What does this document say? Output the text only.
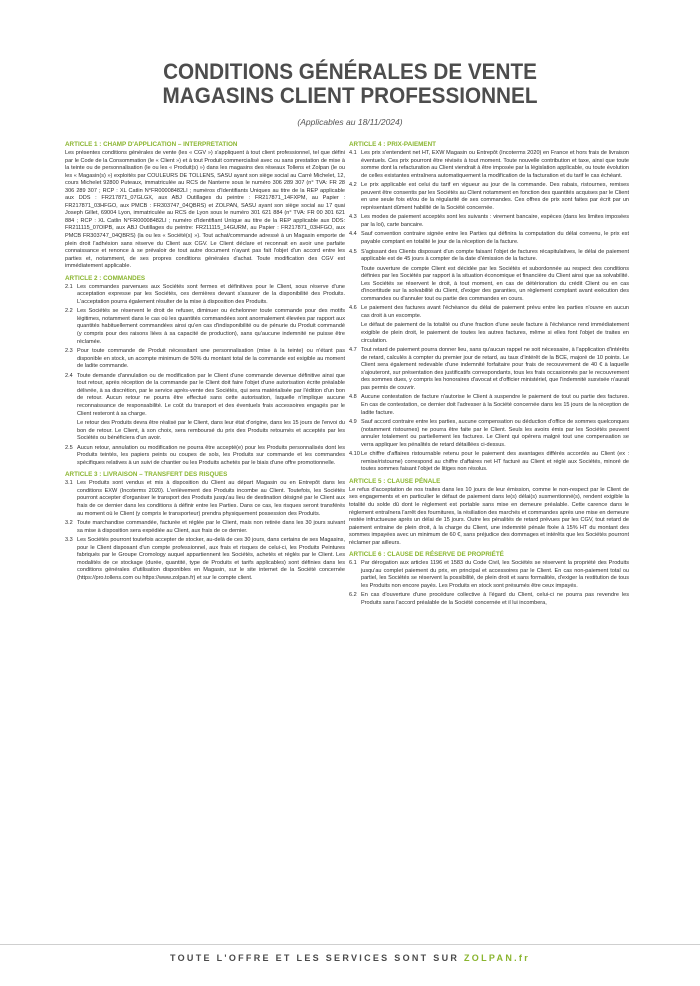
CONDITIONS GÉNÉRALES DE VENTE
MAGASINS CLIENT PROFESSIONNEL
(Applicables au 18/11/2024)
ARTICLE 1 : CHAMP D'APPLICATION – INTERPRÉTATION

Les présentes conditions générales de vente (les « CGV ») s'appliquent à tout client professionnel, tel que défini par le Code de la Consommation (le « Client ») et à tout Produit commercialisé avec ou sans prestation de mise à la teinte ou de personnalisation (le ou les « Produit(s) ») dans les magasins des réseaux Tollens et Zolpan (le ou les « Magasin(s) ») exploités par COULEURS DE TOLLENS, SASU ayant son siège social au Carré Michelet, 12, cours Michelet 92800 Puteaux, immatriculée au RCS de Nanterre sous le numéro 306 289 307 (n° TVA: FR 28 306 289 307 ; RCP : XL Catlin N°FR00008482LI ; numéros d'Identifiants Uniques au titre de la REP applicable aux DDS : FR217871_07GLGX, aux ABJ Outillages du peintre : FR217871_14FXPM, au Papier : FR217871_03HFGO, aux PMCB : FR303747_04QBRS) et ZOLPAN, SASU ayant son siège social au 17 quai Joseph Gillet, 69004 Lyon, immatriculée au RCS de Lyon sous le numéro 301 621 884 (n° TVA: FR 00 301 621 884 ; RCP : XL Catlin N°FR00008482LI ; numéro d'Identifiant Unique au titre de la REP applicable aux DDS: FR211115_07OIPB, aux ABJ Outillages du peintre: FR211115_14GURM, au Papier : FR217871_03HFGO, aux PMCB FR303747_04QBRS) (la ou les « Société(s) »). Tout achat/commande adressé à un Magasin emporte de plein droit l'adhésion sans réserve du Client aux CGV. Le Client déclare et reconnait en avoir une parfaite connaissance et renonce à se prévaloir de tout autre document n'ayant pas fait l'objet d'un accord entre les parties et, notamment, de ses propres conditions générales d'achat. Toute modification des CGV est immédiatement applicable.

ARTICLE 2 : COMMANDES
2.1 Les commandes parvenues aux Sociétés sont fermes et définitives pour le Client, sous réserve d'une acceptation expresse par les Sociétés, ces dernières devant s'assurer de la disponibilité des Produits. L'acceptation pourra également résulter de la mise à disposition des Produits.
2.2 Les Sociétés se réservent le droit de refuser, diminuer ou échelonner toute commande pour des motifs légitimes, notamment dans le cas où les quantités commandées sont anormalement élevées par rapport aux quantités habituellement commandées ainsi qu'en cas d'indisponibilité ou de pénurie du Produit commandé (y compris pour des raisons liées à sa capacité de production), sans qu'aucune indemnité ne puisse être réclamée.
2.3 Pour toute commande de Produit nécessitant une personnalisation (mise à la teinte) ou n'étant pas disponible en stock, un acompte minimum de 50% du montant total de la commande est exigible au moment de ladite commande.
2.4 Toute demande d'annulation ou de modification par le Client d'une commande devenue définitive ainsi que tout retour, après réception de la commande par le Client doit faire l'objet d'une autorisation écrite préalable délivrée, à sa discrétion, par le service après-vente des Sociétés, qui sera matérialisée par l'édition d'un bon de retour. Aucun retour ne pourra être effectué sans cette autorisation, laquelle n'implique aucune reconnaissance de responsabilité. Le coût du transport et des éventuels frais accessoires engagés par le Client resteront à sa charge.
Le retour des Produits devra être réalisé par le Client, dans leur état d'origine, dans les 15 jours de l'envoi du bon de retour. Le Client, à son choix, sera remboursé du prix des Produits retournés et acceptés par les Sociétés ou bénéficiera d'un avoir.
2.5 Aucun retour, annulation ou modification ne pourra être accepté(e) pour les Produits personnalisés dont les Produits teintés, les papiers peints ou coupes de sols, les Produits sur commande et les commandes spécifiques relatives à un suivi de chantier ou les Produits achetés par le biais d'une offre promotionnelle.
ARTICLE 3 : LIVRAISON – TRANSFERT DES RISQUES
3.1 Les Produits sont vendus et mis à disposition du Client au départ Magasin ou en Entrepôt dans les conditions EXW (Incoterms 2020). L'enlèvement des Produits incombe au Client. Toutefois, les Sociétés pourront accepter d'organiser le transport des Produits jusqu'au lieu de destination désigné par le Client aux frais de ce dernier dans les conditions à définir entre les Parties. Dans ce cas, les risques seront transférés au moment où le Client (y compris le transporteur) prendra physiquement possession des Produits.
3.2 Toute marchandise commandée, facturée et réglée par le Client, mais non retirée dans les 30 jours suivant sa mise à disposition sera expédiée au Client, aux frais de ce dernier.
3.3 Les Sociétés pourront toutefois accepter de stocker, au-delà de ces 30 jours, dans certains de ses Magasins, pour le Client disposant d'un compte professionnel, aux frais et risques de celui-ci, les Produits Peintures fabriqués par le Groupe Cromology auquel appartiennent les Sociétés, achetés et réglés par le Client. Les modalités de ce stockage (durée, quantité, type de Produits et tarifs applicables) sont définies dans les conditions générales d'utilisation disponibles en Magasin, sur le site internet de la Société concernée (https://pro.tollens.com ou https://www.zolpan.fr) et sur le compte client.
ARTICLE 4 : PRIX-PAIEMENT
4.1 Les prix s'entendent net HT, EXW Magasin ou Entrepôt (Incoterms 2020) en France et hors frais de livraison éventuels. Ces prix pourront être révisés à tout moment. Toute nouvelle contribution et taxe, ainsi que toute somme dont la refacturation au Client viendrait à être imposée par la législation applicable, ou toute évolution de celles existantes entraînera automatiquement la modification de la facturation et du tarif le cas échéant.
4.2 Le prix applicable est celui du tarif en vigueur au jour de la commande. Des rabais, ristournes, remises peuvent être consentis par les Sociétés au Client notamment en fonction des quantités acquises par le Client en une seule fois et/ou de la régularité de ses commandes. Ces offres de prix sont faites par écrit par un représentant dûment habilité de la Société concernée.
4.3 Les modes de paiement acceptés sont les suivants : virement bancaire, espèces (dans les limites imposées par la loi), carte bancaire.
4.4 Sauf convention contraire signée entre les Parties qui définira la computation du délai convenu, le prix est payable comptant en totalité le jour de la réception de la facture.
4.5 S'agissant des Clients disposant d'un compte faisant l'objet de factures récapitulatives, le délai de paiement applicable est de 45 jours à compter de la date d'émission de la facture.
Toute ouverture de compte Client est décidée par les Sociétés et subordonnée au respect des conditions définies par les Sociétés par rapport à la situation économique et financière du Client ainsi que sa solvabilité. Les Sociétés se réservent le droit, à tout moment, en cas de détérioration du crédit Client ou en cas d'incertitude sur la solvabilité du Client, d'exiger des garanties, un règlement comptant avant exécution des commandes ou d'annuler tout ou partie des commandes en cours.
4.6 Le paiement des factures avant l'échéance du délai de paiement prévu entre les parties n'ouvre en aucun cas droit à un escompte.
Le défaut de paiement de la totalité ou d'une fraction d'une seule facture à l'échéance rend immédiatement exigible de plein droit, le paiement de toutes les autres factures, même si elles font l'objet de traites en circulation.
4.7 Tout retard de paiement pourra donner lieu, sans qu'aucun rappel ne soit nécessaire, à l'application d'intérêts de retard, calculés à compter du premier jour de retard, au taux d'intérêt de la BCE, majoré de 10 points. Le Client sera également redevable d'une indemnité forfaitaire pour frais de recouvrement de 40 € à laquelle s'ajouteront, sur présentation des justificatifs correspondants, tous les frais occasionnés par le recouvrement des sommes dues, y compris les honoraires d'avocat et d'officier ministériel, que l'indemnité susvisée n'aurait pas permis de couvrir.
4.8 Aucune contestation de facture n'autorise le Client à suspendre le paiement de tout ou partie des factures. En cas de contestation, ce dernier doit l'adresser à la Société concernée dans les 15 jours de la réception de ladite facture.
4.9 Sauf accord contraire entre les parties, aucune compensation ou déduction d'office de sommes quelconques (notamment ristournes) ne pourra être faite par le Client. Seuls les avoirs émis par les Sociétés peuvent annuler totalement ou partiellement les factures. Le Client qui opérera malgré tout une compensation se verra appliquer les pénalités de retard détaillées ci-dessus.
4.10 Le chiffre d'affaires ristournable retenu pour le paiement des avantages différés accordés au Client (ex : remise/ristourne) correspond au chiffre d'affaires net HT facturé au Client et réglé aux Sociétés, minoré de toutes sommes faisant l'objet de litiges non résolus.
ARTICLE 5 : CLAUSE PÉNALE

Le refus d'acceptation de nos traites dans les 10 jours de leur émission, comme le non-respect par le Client de ses engagements et en particulier le défaut de paiement dans le(s) délai(s) susmentionné(s), rendent exigible la totalité du solde dû dont le règlement est portable sans mise en demeure préalable. Cette carence dans le règlement entraînera l'arrêt des fournitures, la résiliation des marchés et commandes après une mise en demeure restée infructueuse après un délai de 15 jours. Outre les pénalités de retard prévues par les CGV, tout retard de paiement entraine de plein droit, à la charge du Client, une indemnité pénale fixée à 15% HT du montant des sommes impayées avec un minimum de 60 €, sans préjudice des dommages et intérêts que les Sociétés pourront réclamer par ailleurs.

ARTICLE 6 : CLAUSE DE RÉSERVE DE PROPRIÉTÉ
6.1 Par dérogation aux articles 1196 et 1583 du Code Civil, les Sociétés se réservent la propriété des Produits jusqu'au complet paiement du prix, en principal et accessoires par le Client. En cas non-paiement total ou partiel, les Sociétés se réservent la possibilité, de plein droit et sans formalités, d'exiger la restitution de tous les Produits non encore payés. Les Produits en stock sont présumés être ceux impayés.
6.2 En cas d'ouverture d'une procédure collective à l'égard du Client, celui-ci ne pourra pas revendre les Produits sans l'accord préalable de la Société concernée et il lui incombera,
TOUTE L'OFFRE ET LES SERVICES SONT SUR ZOLPAN.fr
